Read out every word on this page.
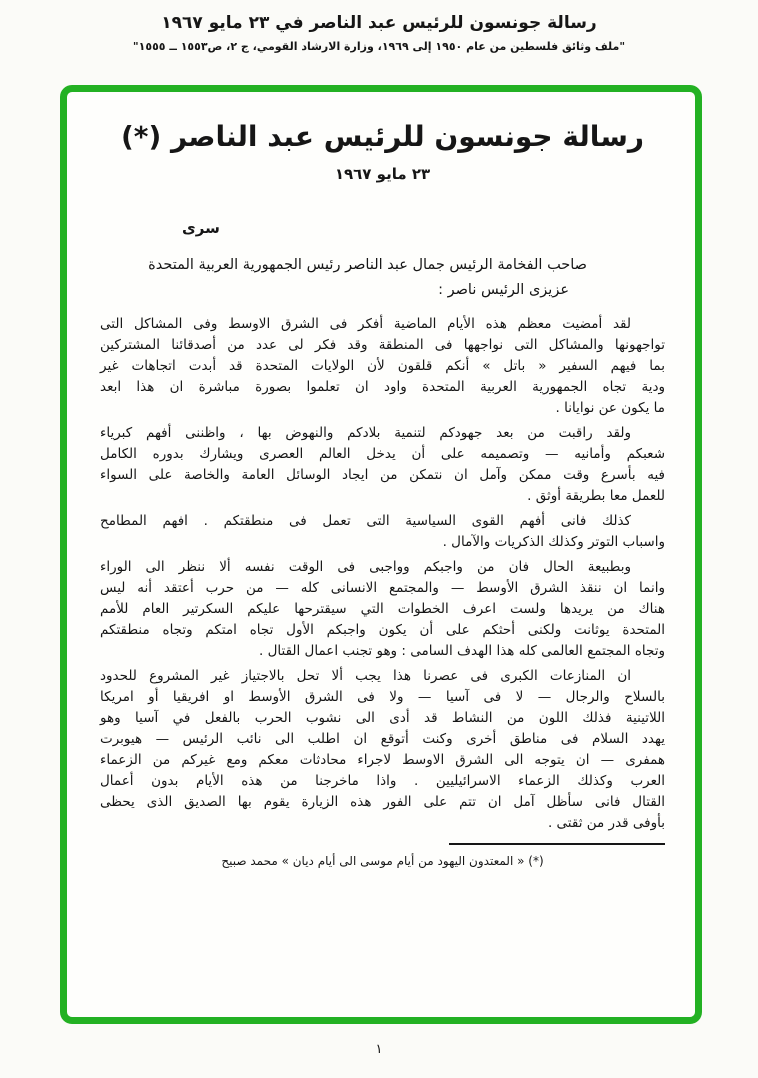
رسالة جونسون للرئيس عبد الناصر في ٢٣ مايو ١٩٦٧
"ملف وثائق فلسطين من عام ١٩٥٠ إلى ١٩٦٩، وزارة الارشاد القومي، ج ٢، ص١٥٥٣ ــ ١٥٥٥"
رسالة جونسون للرئيس عبد الناصر (*)
٢٣ مايو ١٩٦٧
سرى
صاحب الفخامة الرئيس جمال عبد الناصر رئيس الجمهورية العربية المتحدة
عزيزى الرئيس ناصر :
لقد أمضيت معظم هذه الأيام الماضية أفكر فى الشرق الاوسط وفى المشاكل التى
تواجهونها والمشاكل التى نواجهها فى المنطقة وقد فكر لى عدد من أصدقائنا المشتركين
بما فيهم السفير « باتل » أنكم قلقون لأن الولايات المتحدة قد أبدت اتجاهات غير
ودية تجاه الجمهورية العربية المتحدة واود ان تعلموا بصورة مباشرة ان هذا ابعد
ما يكون عن نوايانا .
ولقد راقبت من بعد جهودكم لتنمية بلادكم والنهوض بها ، واظننى أفهم كبرياء
شعبكم وأمانيه — وتصميمه على أن يدخل العالم العصرى ويشارك بدوره الكامل
فيه بأسرع وقت ممكن وآمل ان نتمكن من ايجاد الوسائل العامة والخاصة على السواء
للعمل معا بطريقة أوثق .
كذلك فانى أفهم القوى السياسية التى تعمل فى منطقتكم . افهم المطامح
واسباب التوتر وكذلك الذكريات والآمال .
وبطبيعة الحال فان من واجبكم وواجبى فى الوقت نفسه ألا ننظر الى الوراء
وانما ان ننقذ الشرق الأوسط — والمجتمع الانسانى كله — من حرب أعتقد أنه ليس
هناك من يريدها ولست اعرف الخطوات التي سيقترحها عليكم السكرتير العام للأمم
المتحدة يوثانت ولكنى أحثكم على أن يكون واجبكم الأول تجاه امتكم وتجاه منطقتكم
وتجاه المجتمع العالمى كله هذا الهدف السامى : وهو تجنب اعمال القتال .
ان المنازعات الكبرى فى عصرنا هذا يجب ألا تحل بالاجتياز غير المشروع للحدود
بالسلاح والرجال — لا فى آسيا — ولا فى الشرق الأوسط او افريقيا أو امريكا
اللاتينية فذلك اللون من النشاط قد أدى الى نشوب الحرب بالفعل في آسيا وهو
يهدد السلام فى مناطق أخرى وكنت أتوقع ان اطلب الى نائب الرئيس — هيوبرت
همفرى — ان يتوجه الى الشرق الاوسط لاجراء محادثات معكم ومع غيركم من الزعماء
العرب وكذلك الزعماء الاسرائيليين . واذا ماخرجنا من هذه الأيام بدون أعمال
القتال فانى سأظل آمل ان تتم على الفور هذه الزيارة يقوم بها الصديق الذى يحظى
بأوفى قدر من ثقتى .
(*) « المعتدون اليهود من أيام موسى الى أيام ديان » محمد صبيح
١
